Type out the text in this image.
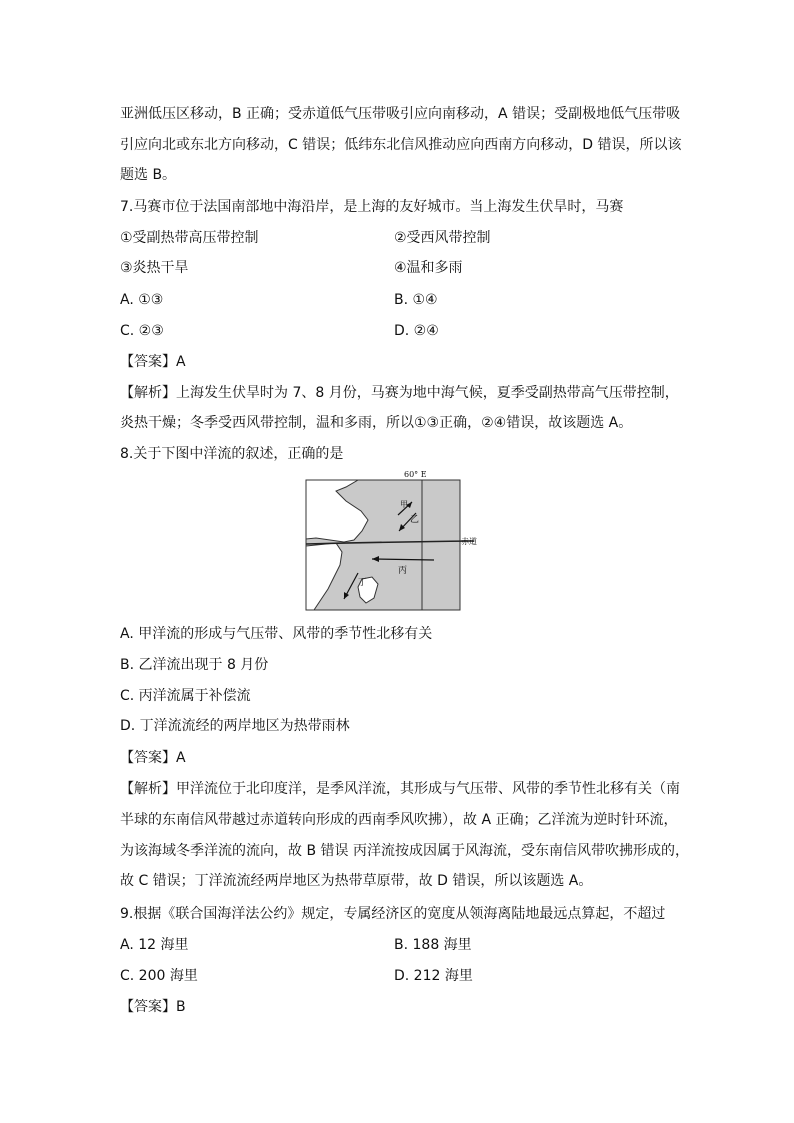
亚洲低压区移动，B 正确；受赤道低气压带吸引应向南移动，A 错误；受副极地低气压带吸
引应向北或东北方向移动，C 错误；低纬东北信风推动应向西南方向移动，D 错误，所以该
题选 B。
7.马赛市位于法国南部地中海沿岸，是上海的友好城市。当上海发生伏旱时，马赛
①受副热带高压带控制	②受西风带控制
③炎热干旱	④温和多雨
A. ①③	B. ①④
C. ②③	D. ②④
【答案】A
【解析】上海发生伏旱时为 7、8 月份，马赛为地中海气候，夏季受副热带高气压带控制，
炎热干燥；冬季受西风带控制，温和多雨，所以①③正确，②④错误，故该题选 A。
8.关于下图中洋流的叙述，正确的是
60° E
赤道
甲
乙
丙
丁
A. 甲洋流的形成与气压带、风带的季节性北移有关
B. 乙洋流出现于 8 月份
C. 丙洋流属于补偿流
D. 丁洋流流经的两岸地区为热带雨林
【答案】A
【解析】甲洋流位于北印度洋，是季风洋流，其形成与气压带、风带的季节性北移有关（南
半球的东南信风带越过赤道转向形成的西南季风吹拂），故 A 正确；乙洋流为逆时针环流，
为该海域冬季洋流的流向，故 B 错误 丙洋流按成因属于风海流，受东南信风带吹拂形成的，
故 C 错误；丁洋流流经两岸地区为热带草原带，故 D 错误，所以该题选 A。
9.根据《联合国海洋法公约》规定，专属经济区的宽度从领海离陆地最远点算起，不超过
A. 12 海里	B. 188 海里
C. 200 海里	D. 212 海里
【答案】B
